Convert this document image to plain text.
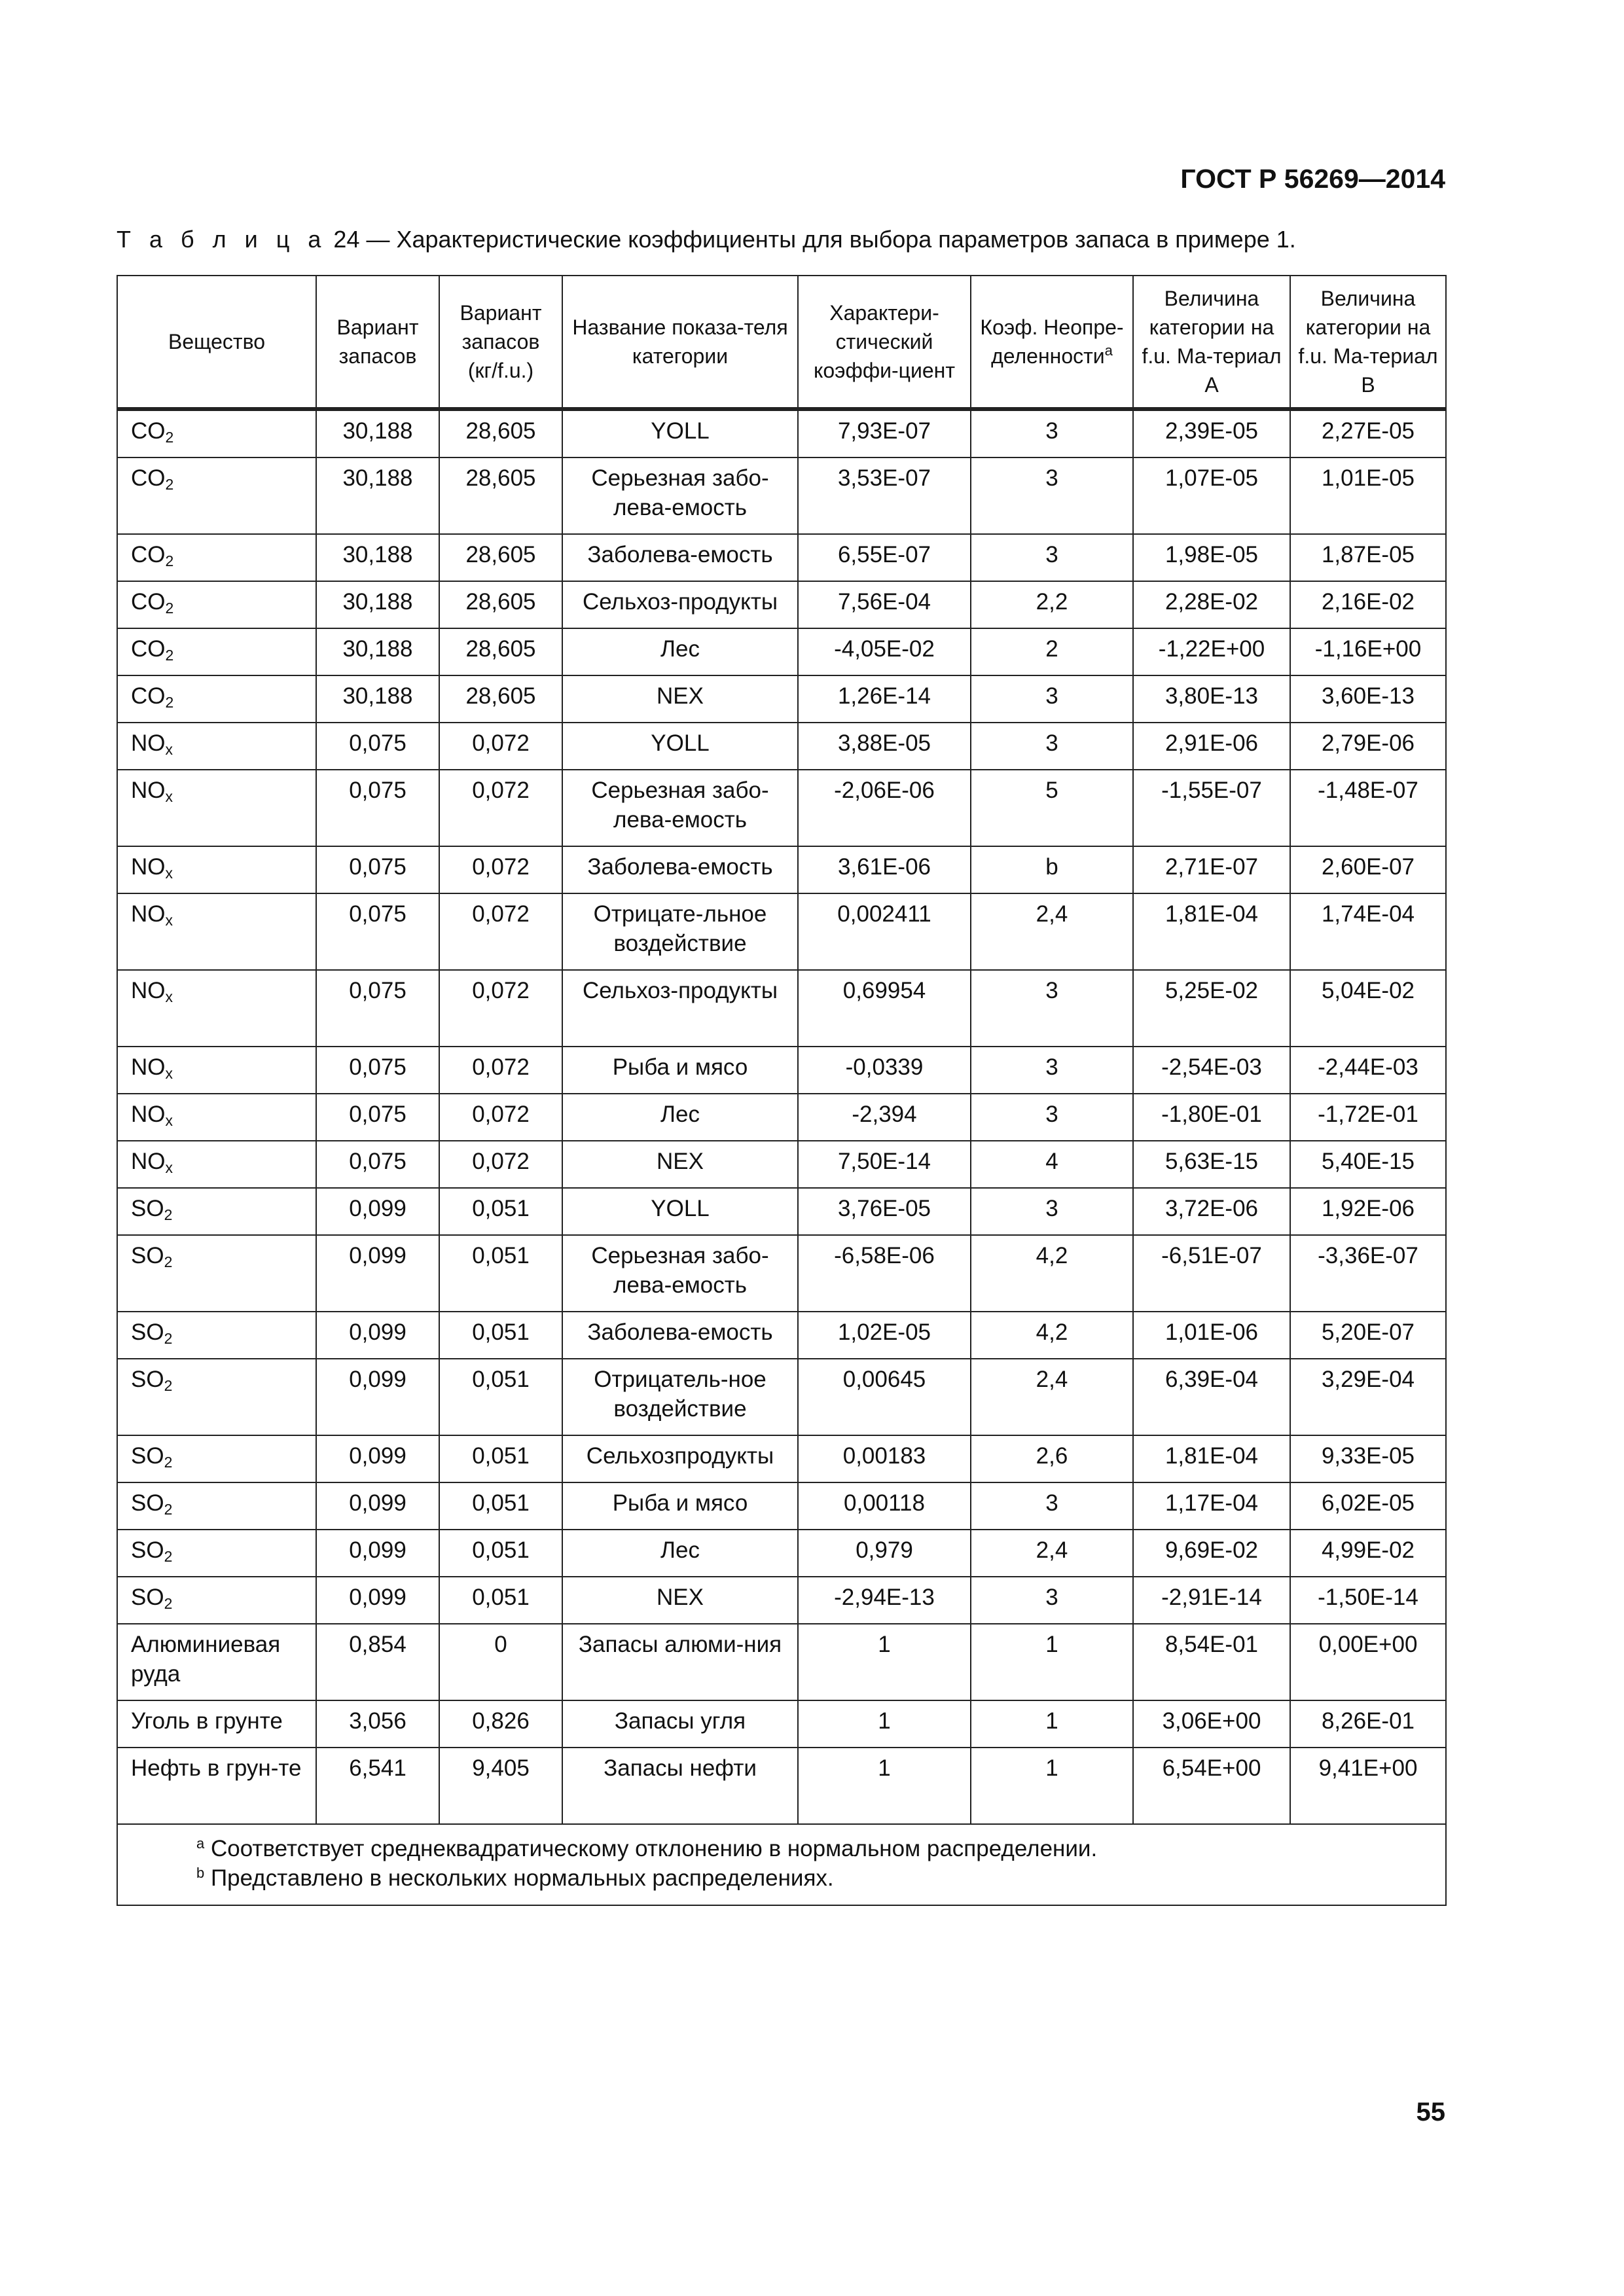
ГОСТ Р 56269—2014
Т а б л и ц а 24 — Характеристические коэффициенты для выбора параметров запаса в примере 1.
Вещество	Вариант запасов	Вариант запасов (кг/f.u.)	Название показа-теля категории	Характери-стический коэффи-циент	Коэф. Неопре-деленности$^a$	Величина категории на f.u. Ма-териал А	Величина категории на f.u. Ма-териал В
$CO_2$	30,188	28,605	YOLL	7,93E-07	3	2,39E-05	2,27E-05
$CO_2$	30,188	28,605	Серьезная забо-лева-емость	3,53E-07	3	1,07E-05	1,01E-05
$CO_2$	30,188	28,605	Заболева-емость	6,55E-07	3	1,98E-05	1,87E-05
$CO_2$	30,188	28,605	Сельхоз-продукты	7,56E-04	2,2	2,28E-02	2,16E-02
$CO_2$	30,188	28,605	Лес	-4,05E-02	2	-1,22E+00	-1,16E+00
$CO_2$	30,188	28,605	NEX	1,26E-14	3	3,80E-13	3,60E-13
$NO_x$	0,075	0,072	YOLL	3,88E-05	3	2,91E-06	2,79E-06
$NO_x$	0,075	0,072	Серьезная забо-лева-емость	-2,06E-06	5	-1,55E-07	-1,48E-07
$NO_x$	0,075	0,072	Заболева-емость	3,61E-06	b	2,71E-07	2,60E-07
$NO_x$	0,075	0,072	Отрицате-льное воздействие	0,002411	2,4	1,81E-04	1,74E-04
$NO_x$	0,075	0,072	Сельхоз-продукты	0,69954	3	5,25E-02	5,04E-02
$NO_x$	0,075	0,072	Рыба и мясо	-0,0339	3	-2,54E-03	-2,44E-03
$NO_x$	0,075	0,072	Лес	-2,394	3	-1,80E-01	-1,72E-01
$NO_x$	0,075	0,072	NEX	7,50E-14	4	5,63E-15	5,40E-15
$SO_2$	0,099	0,051	YOLL	3,76E-05	3	3,72E-06	1,92E-06
$SO_2$	0,099	0,051	Серьезная забо-лева-емость	-6,58E-06	4,2	-6,51E-07	-3,36E-07
$SO_2$	0,099	0,051	Заболева-емость	1,02E-05	4,2	1,01E-06	5,20E-07
$SO_2$	0,099	0,051	Отрицатель-ное воздействие	0,00645	2,4	6,39E-04	3,29E-04
$SO_2$	0,099	0,051	Сельхозпродукты	0,00183	2,6	1,81E-04	9,33E-05
$SO_2$	0,099	0,051	Рыба и мясо	0,00118	3	1,17E-04	6,02E-05
$SO_2$	0,099	0,051	Лес	0,979	2,4	9,69E-02	4,99E-02
$SO_2$	0,099	0,051	NEX	-2,94E-13	3	-2,91E-14	-1,50E-14
Алюминиевая руда	0,854	0	Запасы алюми-ния	1	1	8,54E-01	0,00E+00
Уголь в грунте	3,056	0,826	Запасы угля	1	1	3,06E+00	8,26E-01
Нефть в грун-те	6,541	9,405	Запасы нефти	1	1	6,54E+00	9,41E+00

$^a$ Соответствует среднеквадратическому отклонению в нормальном распределении.
$^b$ Представлено в нескольких нормальных распределениях.							
55
